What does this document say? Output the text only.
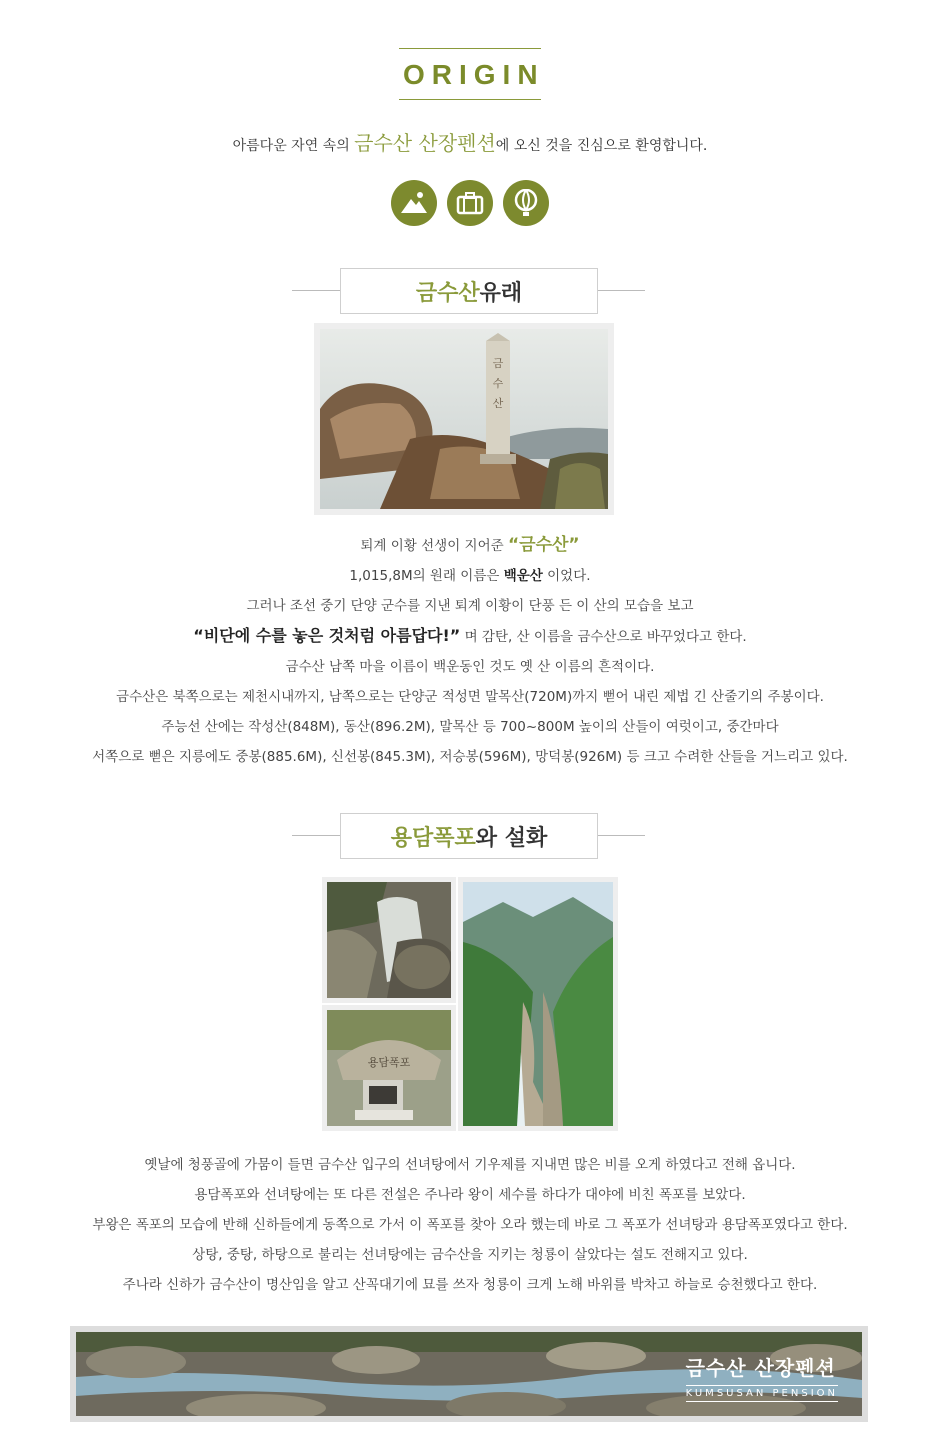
ORIGIN
아름다운 자연 속의 금수산 산장펜션에 오신 것을 진심으로 환영합니다.
금수산 유래
금
수
산
퇴계 이황 선생이 지어준 “금수산”
1,015,8M의 원래 이름은 백운산 이었다.
그러나 조선 중기 단양 군수를 지낸 퇴계 이황이 단풍 든 이 산의 모습을 보고
“비단에 수를 놓은 것처럼 아름답다!” 며 감탄, 산 이름을 금수산으로 바꾸었다고 한다.
금수산 남쪽 마을 이름이 백운동인 것도 옛 산 이름의 흔적이다.
금수산은 북쪽으로는 제천시내까지, 남쪽으로는 단양군 적성면 말목산(720M)까지 뻗어 내린 제법 긴 산줄기의 주봉이다.
주능선 산에는 작성산(848M), 동산(896.2M), 말목산 등 700~800M 높이의 산들이 여럿이고, 중간마다
서쪽으로 뻗은 지릉에도 중봉(885.6M), 신선봉(845.3M), 저승봉(596M), 망덕봉(926M) 등 크고 수려한 산들을 거느리고 있다.
용담폭포 와 설화
용담폭포
옛날에 청풍골에 가뭄이 들면 금수산 입구의 선녀탕에서 기우제를 지내면 많은 비를 오게 하였다고 전해 옵니다.
용담폭포와 선녀탕에는 또 다른 전설은 주나라 왕이 세수를 하다가 대야에 비친 폭포를 보았다.
부왕은 폭포의 모습에 반해 신하들에게 동쪽으로 가서 이 폭포를 찾아 오라 했는데 바로 그 폭포가 선녀탕과 용담폭포였다고 한다.
상탕, 중탕, 하탕으로 불리는 선녀탕에는 금수산을 지키는 청룡이 살았다는 설도 전해지고 있다.
주나라 신하가 금수산이 명산임을 알고 산꼭대기에 묘를 쓰자 청룡이 크게 노해 바위를 박차고 하늘로 승천했다고 한다.
금수산 산장펜션
KUMSUSAN PENSION
